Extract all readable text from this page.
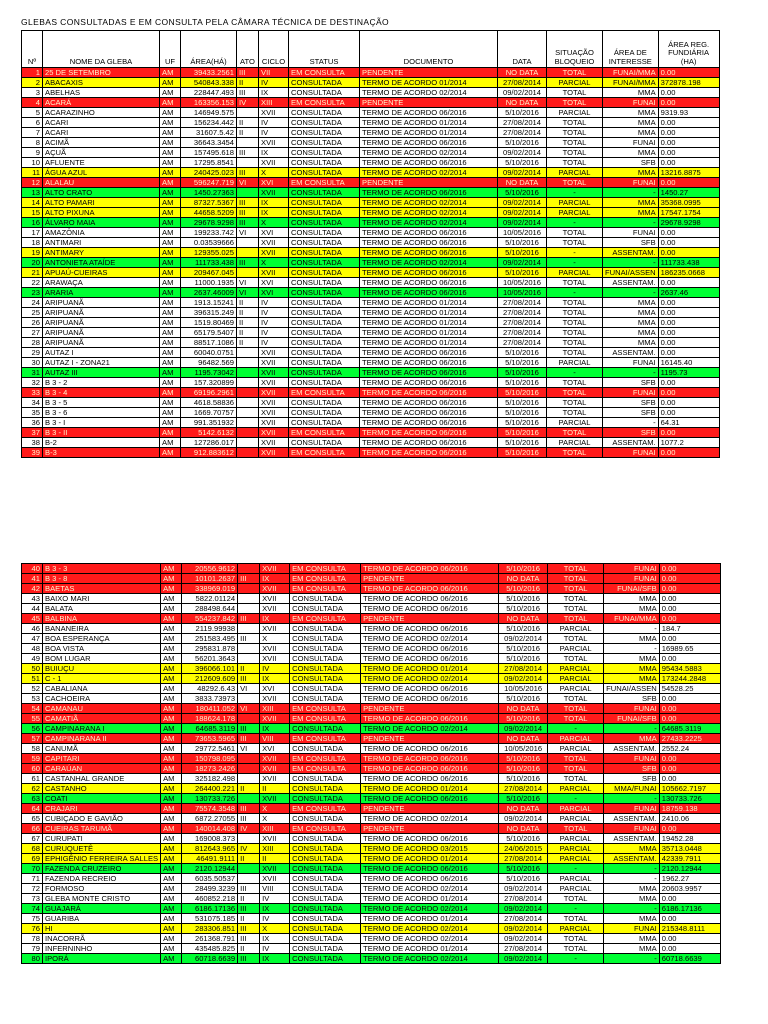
GLEBAS CONSULTADAS E EM CONSULTA PELA CÂMARA TÉCNICA DE DESTINAÇÃO
Nº	NOME DA GLEBA	UF	ÁREA(HÁ)	ATO	CICLO	STATUS	DOCUMENTO	DATA	SITUAÇÃO BLOQUEIO	ÁREA DE INTERESSE	ÁREA REG. FUNDIÁRIA (HA)
1	25 DE SETEMBRO	AM	39433.2561	III	VII	EM CONSULTA	PENDENTE	NO DATA	TOTAL	FUNAI/MMA	0.00
2	ABACAXIS	AM	540843.338	II	IV	CONSULTADA	TERMO DE ACORDO 01/2014	27/08/2014	PARCIAL	FUNAI/MMA	372878.198
3	ABELHAS	AM	228447.493	III	IX	CONSULTADA	TERMO DE ACORDO 02/2014	09/02/2014	TOTAL	MMA	0.00
4	ACARÁ	AM	163356.153	IV	XIII	EM CONSULTA	PENDENTE	NO DATA	TOTAL	FUNAI	0.00
5	ACARAZINHO	AM	146949.575		XVII	CONSULTADA	TERMO DE ACORDO 06/2016	5/10/2016	PARCIAL	MMA	9319.93
6	ACARI	AM	156234.442	II	IV	CONSULTADA	TERMO DE ACORDO 01/2014	27/08/2014	TOTAL	MMA	0.00
7	ACARI	AM	31607.5.42	II	IV	CONSULTADA	TERMO DE ACORDO 01/2014	27/08/2014	TOTAL	MMA	0.00
8	ACIMÃ	AM	36643.3454		XVII	CONSULTADA	TERMO DE ACORDO 06/2016	5/10/2016	TOTAL	FUNAI	0.00
9	AÇUÃ	AM	157495.618	III	IX	CONSULTADA	TERMO DE ACORDO 02/2014	09/02/2014	TOTAL	MMA	0.00
10	AFLUENTE	AM	17295.8541		XVII	CONSULTADA	TERMO DE ACORDO 06/2016	5/10/2016	TOTAL	SFB	0.00
11	ÁGUA AZUL	AM	240425.023	III	X	CONSULTADA	TERMO DE ACORDO 02/2014	09/02/2014	PARCIAL	MMA	13216.8875
12	ALALAU	AM	596247.719	VI	XVI	EM CONSULTA	PENDENTE	NO DATA	TOTAL	FUNAI	0.00
13	ALTO CRATO	AM	1450.27363		XVII	CONSULTADA	TERMO DE ACORDO 06/2016	5/10/2016	-	-	1450.27
14	ALTO PAMARI	AM	87327.5367	III	IX	CONSULTADA	TERMO DE ACORDO 02/2014	09/02/2014	PARCIAL	MMA	35368.0995
15	ALTO PIXUNA	AM	44658.5209	III	IX	CONSULTADA	TERMO DE ACORDO 02/2014	09/02/2014	PARCIAL	MMA	17547.1754
16	ÁLVARO MAIA	AM	29678.9298	III	X	CONSULTADA	TERMO DE ACORDO 02/2014	09/02/2014	-	-	29678.9298
17	AMAZÔNIA	AM	199233.742	VI	XVI	CONSULTADA	TERMO DE ACORDO 06/2016	10/05/2016	TOTAL	FUNAI	0.00
18	ANTIMARI	AM	0.03539666		XVII	CONSULTADA	TERMO DE ACORDO 06/2016	5/10/2016	TOTAL	SFB	0.00
19	ANTIMARY	AM	129355.025		XVII	CONSULTADA	TERMO DE ACORDO 06/2016	5/10/2016	-	ASSENTAM.	0.00
20	ANTONIETA ATAÍDE	AM	111733.438	III	X	CONSULTADA	TERMO DE ACORDO 02/2014	09/02/2014	-	-	111733.438
21	APUAÚ-CUEIRAS	AM	209467.045		XVII	CONSULTADA	TERMO DE ACORDO 06/2016	5/10/2016	PARCIAL	FUNAI/ASSEN	186235.0668
22	ARAWAÇA	AM	11000.1935	VI	XVI	CONSULTADA	TERMO DE ACORDO 06/2016	10/05/2016	TOTAL	ASSENTAM.	0.00
23	ARARIA	AM	2637.46009	VI	XVI	CONSULTADA	TERMO DE ACORDO 06/2016	10/05/2016	-	-	2637.46
24	ARIPUANÃ	AM	1913.15241	II	IV	CONSULTADA	TERMO DE ACORDO 01/2014	27/08/2014	TOTAL	MMA	0.00
25	ARIPUANÃ	AM	396315.249	II	IV	CONSULTADA	TERMO DE ACORDO 01/2014	27/08/2014	TOTAL	MMA	0.00
26	ARIPUANÃ	AM	1519.80469	II	IV	CONSULTADA	TERMO DE ACORDO 01/2014	27/08/2014	TOTAL	MMA	0.00
27	ARIPUANÃ	AM	65179.5407	II	IV	CONSULTADA	TERMO DE ACORDO 01/2014	27/08/2014	TOTAL	MMA	0.00
28	ARIPUANÃ	AM	88517.1086	II	IV	CONSULTADA	TERMO DE ACORDO 01/2014	27/08/2014	TOTAL	MMA	0.00
29	AUTAZ I	AM	60040.0751		XVII	CONSULTADA	TERMO DE ACORDO 06/2016	5/10/2016	TOTAL	ASSENTAM.	0.00
30	AUTAZ I - ZONA21	AM	96482.569		XVII	CONSULTADA	TERMO DE ACORDO 06/2016	5/10/2016	PARCIAL	FUNAI	16145.40
31	AUTAZ III	AM	1195.73042		XVII	CONSULTADA	TERMO DE ACORDO 06/2016	5/10/2016	-	-	1195.73
32	B 3 - 2	AM	157.320899		XVII	CONSULTADA	TERMO DE ACORDO 06/2016	5/10/2016	TOTAL	SFB	0.00
33	B 3 - 4	AM	69196.2961		XVII	EM CONSULTA	TERMO DE ACORDO 06/2016	5/10/2016	TOTAL	FUNAI	0.00
34	B 3 - 5	AM	4618.58836		XVII	CONSULTADA	TERMO DE ACORDO 06/2016	5/10/2016	TOTAL	SFB	0.00
35	B 3 - 6	AM	1669.70757		XVII	CONSULTADA	TERMO DE ACORDO 06/2016	5/10/2016	TOTAL	SFB	0.00
36	B 3 - I	AM	991.351932		XVII	CONSULTADA	TERMO DE ACORDO 06/2016	5/10/2016	PARCIAL	-	64.31
37	B 3 - II	AM	5142.6132		XVII	EM CONSULTA	TERMO DE ACORDO 06/2016	5/10/2016	TOTAL	SFB	0.00
38	B-2	AM	127286.017		XVII	CONSULTADA	TERMO DE ACORDO 06/2016	5/10/2016	PARCIAL	ASSENTAM.	1077.2
39	B-3	AM	912.883612		XVII	EM CONSULTA	TERMO DE ACORDO 06/2016	5/10/2016	TOTAL	FUNAI	0.00
40	B 3 - 3	AM	20556.9612		XVII	EM CONSULTA	TERMO DE ACORDO 06/2016	5/10/2016	TOTAL	FUNAI	0.00
41	B 3 - 8	AM	10101.2637	III	IX	EM CONSULTA	PENDENTE	NO DATA	TOTAL	FUNAI	0.00
42	BAETAS	AM	338969.019		XVII	EM CONSULTA	TERMO DE ACORDO 06/2016	5/10/2016	TOTAL	FUNAI/SFB	0.00
43	BAIXO MARI	AM	5822.01124		XVII	CONSULTADA	TERMO DE ACORDO 06/2016	5/10/2016	TOTAL	MMA	0.00
44	BALATA	AM	288498.644		XVII	CONSULTADA	TERMO DE ACORDO 06/2016	5/10/2016	TOTAL	MMA	0.00
45	BALBINA	AM	554237.842	III	IX	EM CONSULTA	PENDENTE	NO DATA	TOTAL	FUNAI/MMA	0.00
46	BANANEIRA	AM	2119.99938		XVII	CONSULTADA	TERMO DE ACORDO 06/2016	5/10/2016	PARCIAL	-	184.7
47	BOA ESPERANÇA	AM	251583.495	III	X	CONSULTADA	TERMO DE ACORDO 02/2014	09/02/2014	TOTAL	MMA	0.00
48	BOA VISTA	AM	295831.878		XVII	CONSULTADA	TERMO DE ACORDO 06/2016	5/10/2016	PARCIAL	-	16989.65
49	BOM LUGAR	AM	56201.3643		XVII	CONSULTADA	TERMO DE ACORDO 06/2016	5/10/2016	TOTAL	MMA	0.00
50	BUIUÇU	AM	396066.101	II	IV	CONSULTADA	TERMO DE ACORDO 01/2014	27/08/2014	PARCIAL	MMA	95434.5883
51	C - 1	AM	212609.609	III	IX	CONSULTADA	TERMO DE ACORDO 02/2014	09/02/2014	PARCIAL	MMA	173244.2848
52	CABALIANA	AM	48292.6.43	VI	XVI	CONSULTADA	TERMO DE ACORDO 06/2016	10/05/2016	PARCIAL	FUNAI/ASSEN	54528.25
53	CACHOEIRA	AM	3833.73973		XVII	CONSULTADA	TERMO DE ACORDO 06/2016	5/10/2016	TOTAL	SFB	0.00
54	CAMANAU	AM	180411.052	VI	XIII	EM CONSULTA	PENDENTE	NO DATA	TOTAL	FUNAI	0.00
55	CAMATIÃ	AM	188624.178		XVII	EM CONSULTA	TERMO DE ACORDO 06/2016	5/10/2016	TOTAL	FUNAI/SFB	0.00
56	CAMPINARANA I	AM	64685.3119	III	IX	CONSULTADA	TERMO DE ACORDO 02/2014	09/02/2014	-	-	64685.3119
57	CAMPINARANA II	AM	73653.5965	III	VIII	EM CONSULTA	PENDENTE	NO DATA	PARCIAL	MMA	27433.2225
58	CANUMÃ	AM	29772.5461	VI	XVI	CONSULTADA	TERMO DE ACORDO 06/2016	10/05/2016	PARCIAL	ASSENTAM.	2552.24
59	CAPITARI	AM	150798.095		XVII	EM CONSULTA	TERMO DE ACORDO 06/2016	5/10/2016	TOTAL	FUNAI	0.00
60	CARAÚAN	AM	18273.2426		XVII	EM CONSULTA	TERMO DE ACORDO 06/2016	5/10/2016	TOTAL	SFB	0.00
61	CASTANHAL GRANDE	AM	325182.498		XVII	CONSULTADA	TERMO DE ACORDO 06/2016	5/10/2016	TOTAL	SFB	0.00
62	CASTANHO	AM	264400.221	II	II	CONSULTADA	TERMO DE ACORDO 01/2014	27/08/2014	PARCIAL	MMA/FUNAI	105662.7197
63	COATI	AM	130733.726		XVII	CONSULTADA	TERMO DE ACORDO 06/2016	5/10/2016	-	-	130733.726
64	CRAJARI	AM	75574.3548	III	X	EM CONSULTA	PENDENTE	NO DATA	PARCIAL	FUNAI	18759.138
65	CUBIÇADO E GAVIÃO	AM	6872.27055	III	X	CONSULTADA	TERMO DE ACORDO 02/2014	09/02/2014	PARCIAL	ASSENTAM.	2410.06
66	CUEIRAS TARUMÃ	AM	140014.408	IV	XIII	EM CONSULTA	PENDENTE	NO DATA	TOTAL	FUNAI	0.00
67	CURUPATI	AM	169008.373		XVII	CONSULTADA	TERMO DE ACORDO 06/2016	5/10/2016	PARCIAL	ASSENTAM.	19452.28
68	CURUQUETÊ	AM	812643.965	IV	XIII	CONSULTADA	TERMO DE ACORDO 03/2015	24/06/2015	PARCIAL	MMA	35713.0448
69	EPHIGÊNIO FERREIRA SALLES	AM	46491.9111	II	II	CONSULTADA	TERMO DE ACORDO 01/2014	27/08/2014	PARCIAL	ASSENTAM.	42339.7911
70	FAZENDA CRUZEIRO	AM	2120.12944		XVII	CONSULTADA	TERMO DE ACORDO 06/2016	5/10/2016	-	-	2120.12944
71	FAZENDA RECREIO	AM	6035.50537		XVII	CONSULTADA	TERMO DE ACORDO 06/2016	5/10/2016	PARCIAL	-	1962.27
72	FORMOSO	AM	28499.3239	III	VIII	CONSULTADA	TERMO DE ACORDO 02/2014	09/02/2014	PARCIAL	MMA	20603.9957
73	GLEBA MONTE CRISTO	AM	460852.218	II	IV	CONSULTADA	TERMO DE ACORDO 01/2014	27/08/2014	TOTAL	MMA	0.00
74	GUAJARÁ	AM	6186.17136	III	IX	CONSULTADA	TERMO DE ACORDO 02/2014	09/02/2014	-	-	6186.17136
75	GUARIBA	AM	531075.185	II	IV	CONSULTADA	TERMO DE ACORDO 01/2014	27/08/2014	TOTAL	MMA	0.00
76	HI	AM	283306.851	III	X	CONSULTADA	TERMO DE ACORDO 02/2014	09/02/2014	PARCIAL	FUNAI	215348.8111
78	INACORRÃ	AM	261368.791	III	IX	CONSULTADA	TERMO DE ACORDO 02/2014	09/02/2014	TOTAL	MMA	0.00
79	INFERNINHO	AM	435485.825	II	IV	CONSULTADA	TERMO DE ACORDO 01/2014	27/08/2014	TOTAL	MMA	0.00
80	IPORÁ	AM	60718.6639	III	IX	CONSULTADA	TERMO DE ACORDO 02/2014	09/02/2014	-	-	60718.6639
